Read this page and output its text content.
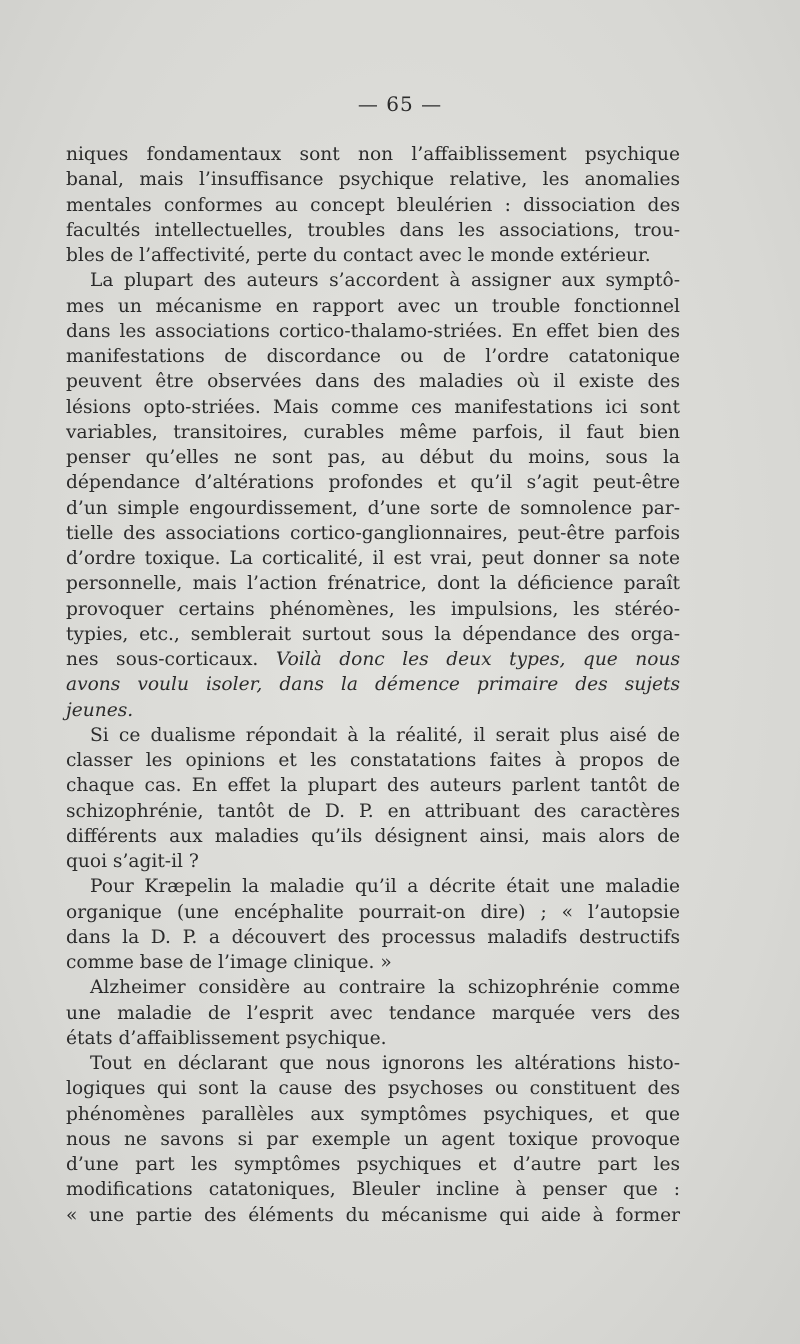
— 65 —
niques fondamentaux sont non l’affaiblissement psychique
banal, mais l’insuffisance psychique relative, les anomalies
mentales conformes au concept bleulérien : dissociation des
facultés intellectuelles, troubles dans les associations, trou-
bles de l’affectivité, perte du contact avec le monde extérieur.
La plupart des auteurs s’accordent à assigner aux symptô-
mes un mécanisme en rapport avec un trouble fonctionnel
dans les associations cortico-thalamo-striées. En effet bien des
manifestations de discordance ou de l’ordre catatonique
peuvent être observées dans des maladies où il existe des
lésions opto-striées. Mais comme ces manifestations ici sont
variables, transitoires, curables même parfois, il faut bien
penser qu’elles ne sont pas, au début du moins, sous la
dépendance d’altérations profondes et qu’il s’agit peut-être
d’un simple engourdissement, d’une sorte de somnolence par-
tielle des associations cortico-ganglionnaires, peut-être parfois
d’ordre toxique. La corticalité, il est vrai, peut donner sa note
personnelle, mais l’action frénatrice, dont la déficience paraît
provoquer certains phénomènes, les impulsions, les stéréo-
typies, etc., semblerait surtout sous la dépendance des orga-
nes sous-corticaux. Voilà donc les deux types, que nous
avons voulu isoler, dans la démence primaire des sujets
jeunes.
Si ce dualisme répondait à la réalité, il serait plus aisé de
classer les opinions et les constatations faites à propos de
chaque cas. En effet la plupart des auteurs parlent tantôt de
schizophrénie, tantôt de D. P. en attribuant des caractères
différents aux maladies qu’ils désignent ainsi, mais alors de
quoi s’agit-il ?
Pour Kræpelin la maladie qu’il a décrite était une maladie
organique (une encéphalite pourrait-on dire) ; « l’autopsie
dans la D. P. a découvert des processus maladifs destructifs
comme base de l’image clinique. »
Alzheimer considère au contraire la schizophrénie comme
une maladie de l’esprit avec tendance marquée vers des
états d’affaiblissement psychique.
Tout en déclarant que nous ignorons les altérations histo-
logiques qui sont la cause des psychoses ou constituent des
phénomènes parallèles aux symptômes psychiques, et que
nous ne savons si par exemple un agent toxique provoque
d’une part les symptômes psychiques et d’autre part les
modifications catatoniques, Bleuler incline à penser que :
« une partie des éléments du mécanisme qui aide à former
